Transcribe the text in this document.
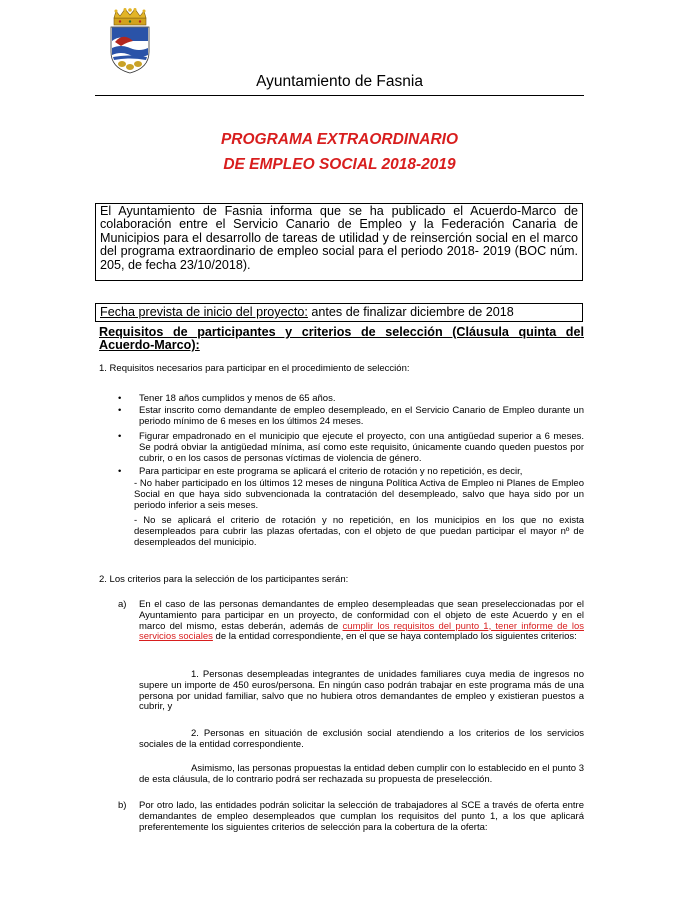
Ayuntamiento de Fasnia
PROGRAMA EXTRAORDINARIO
DE EMPLEO SOCIAL 2018-2019
El Ayuntamiento de Fasnia informa que se ha publicado el Acuerdo-Marco de colaboración entre el Servicio Canario de Empleo y la Federación Canaria de Municipios para el desarrollo de tareas de utilidad y de reinserción social en el marco del programa extraordinario de empleo social para el periodo 2018- 2019 (BOC núm. 205, de fecha 23/10/2018).
Fecha prevista de inicio del proyecto: antes de finalizar diciembre de 2018
Requisitos de participantes y criterios de selección (Cláusula quinta del Acuerdo-Marco):
1. Requisitos necesarios para participar en el procedimiento de selección:
• Tener 18 años cumplidos y menos de 65 años.
• Estar inscrito como demandante de empleo desempleado, en el Servicio Canario de Empleo durante un periodo mínimo de 6 meses en los últimos 24 meses.
• Figurar empadronado en el municipio que ejecute el proyecto, con una antigüedad superior a 6 meses. Se podrá obviar la antigüedad mínima, así como este requisito, únicamente cuando queden puestos por cubrir, o en los casos de personas víctimas de violencia de género.
• Para participar en este programa se aplicará el criterio de rotación y no repetición, es decir,
- No haber participado en los últimos 12 meses de ninguna Política Activa de Empleo ni Planes de Empleo Social en que haya sido subvencionada la contratación del desempleado, salvo que haya sido por un periodo inferior a seis meses.
- No se aplicará el criterio de rotación y no repetición, en los municipios en los que no exista desempleados para cubrir las plazas ofertadas, con el objeto de que puedan participar el mayor nº de desempleados del municipio.
2. Los criterios para la selección de los participantes serán:
a) En el caso de las personas demandantes de empleo desempleadas que sean preseleccionadas por el Ayuntamiento para participar en un proyecto, de conformidad con el objeto de este Acuerdo y en el marco del mismo, estas deberán, además de cumplir los requisitos del punto 1, tener informe de los servicios sociales de la entidad correspondiente, en el que se haya contemplado los siguientes criterios:
1. Personas desempleadas integrantes de unidades familiares cuya media de ingresos no supere un importe de 450 euros/persona. En ningún caso podrán trabajar en este programa más de una persona por unidad familiar, salvo que no hubiera otros demandantes de empleo y existieran puestos a cubrir, y
2. Personas en situación de exclusión social atendiendo a los criterios de los servicios sociales de la entidad correspondiente.
Asimismo, las personas propuestas la entidad deben cumplir con lo establecido en el punto 3 de esta cláusula, de lo contrario podrá ser rechazada su propuesta de preselección.
b) Por otro lado, las entidades podrán solicitar la selección de trabajadores al SCE a través de oferta entre demandantes de empleo desempleados que cumplan los requisitos del punto 1, a los que aplicará preferentemente los siguientes criterios de selección para la cobertura de la oferta:
